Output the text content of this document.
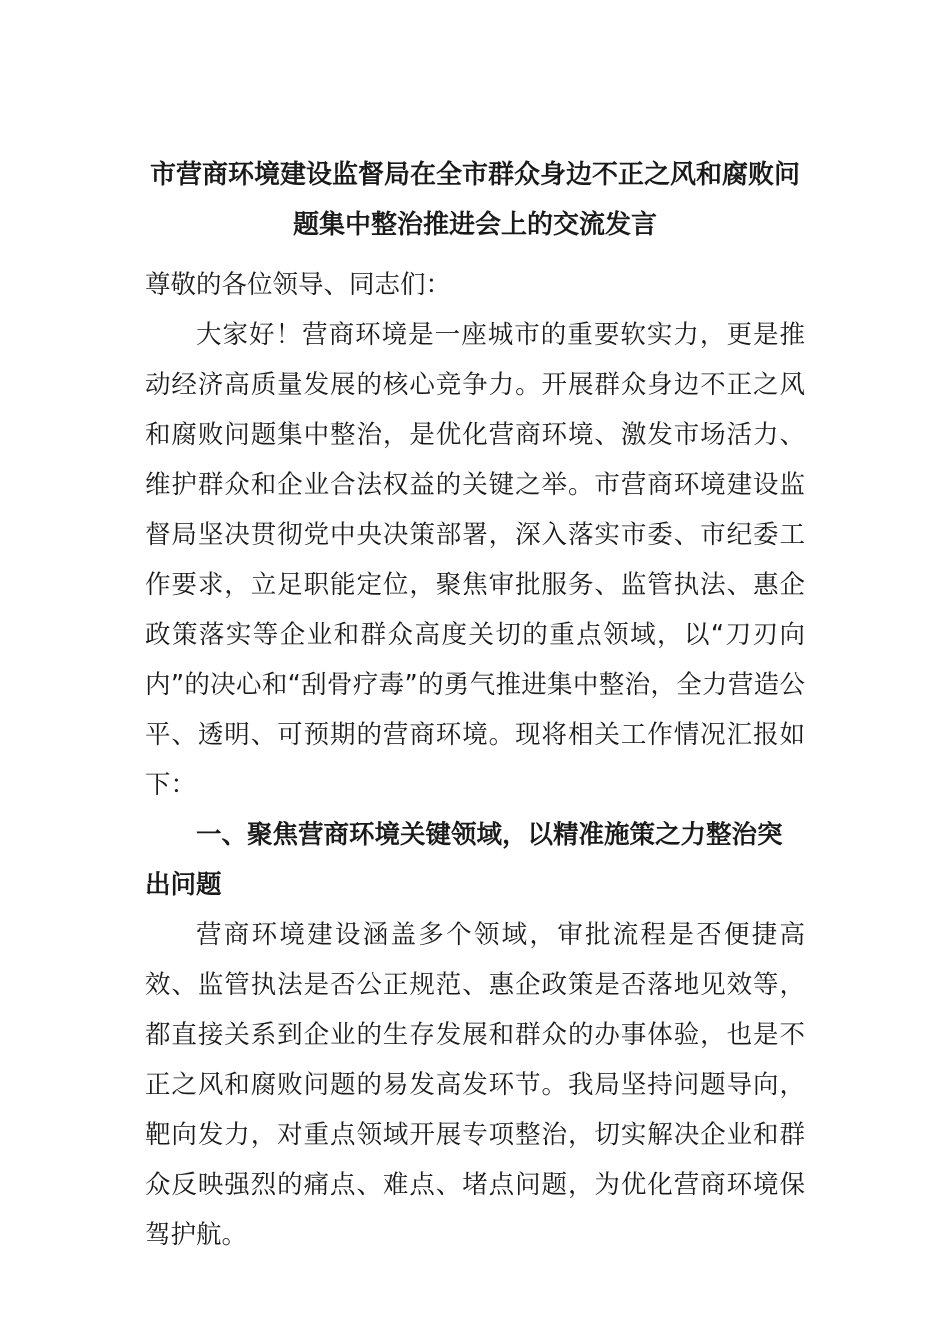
市营商环境建设监督局在全市群众身边不正之风和腐败问
题集中整治推进会上的交流发言

尊敬的各位领导、同志们：

大家好！营商环境是一座城市的重要软实力，更是推动经济高质量发展的核心竞争力。开展群众身边不正之风和腐败问题集中整治，是优化营商环境、激发市场活力、维护群众和企业合法权益的关键之举。市营商环境建设监督局坚决贯彻党中央决策部署，深入落实市委、市纪委工作要求，立足职能定位，聚焦审批服务、监管执法、惠企政策落实等企业和群众高度关切的重点领域，以“刀刃向内”的决心和“刮骨疗毒”的勇气推进集中整治，全力营造公平、透明、可预期的营商环境。现将相关工作情况汇报如下：

一、聚焦营商环境关键领域，以精准施策之力整治突出问题

营商环境建设涵盖多个领域，审批流程是否便捷高效、监管执法是否公正规范、惠企政策是否落地见效等，都直接关系到企业的生存发展和群众的办事体验，也是不正之风和腐败问题的易发高发环节。我局坚持问题导向，靶向发力，对重点领域开展专项整治，切实解决企业和群众反映强烈的痛点、难点、堵点问题，为优化营商环境保驾护航。
